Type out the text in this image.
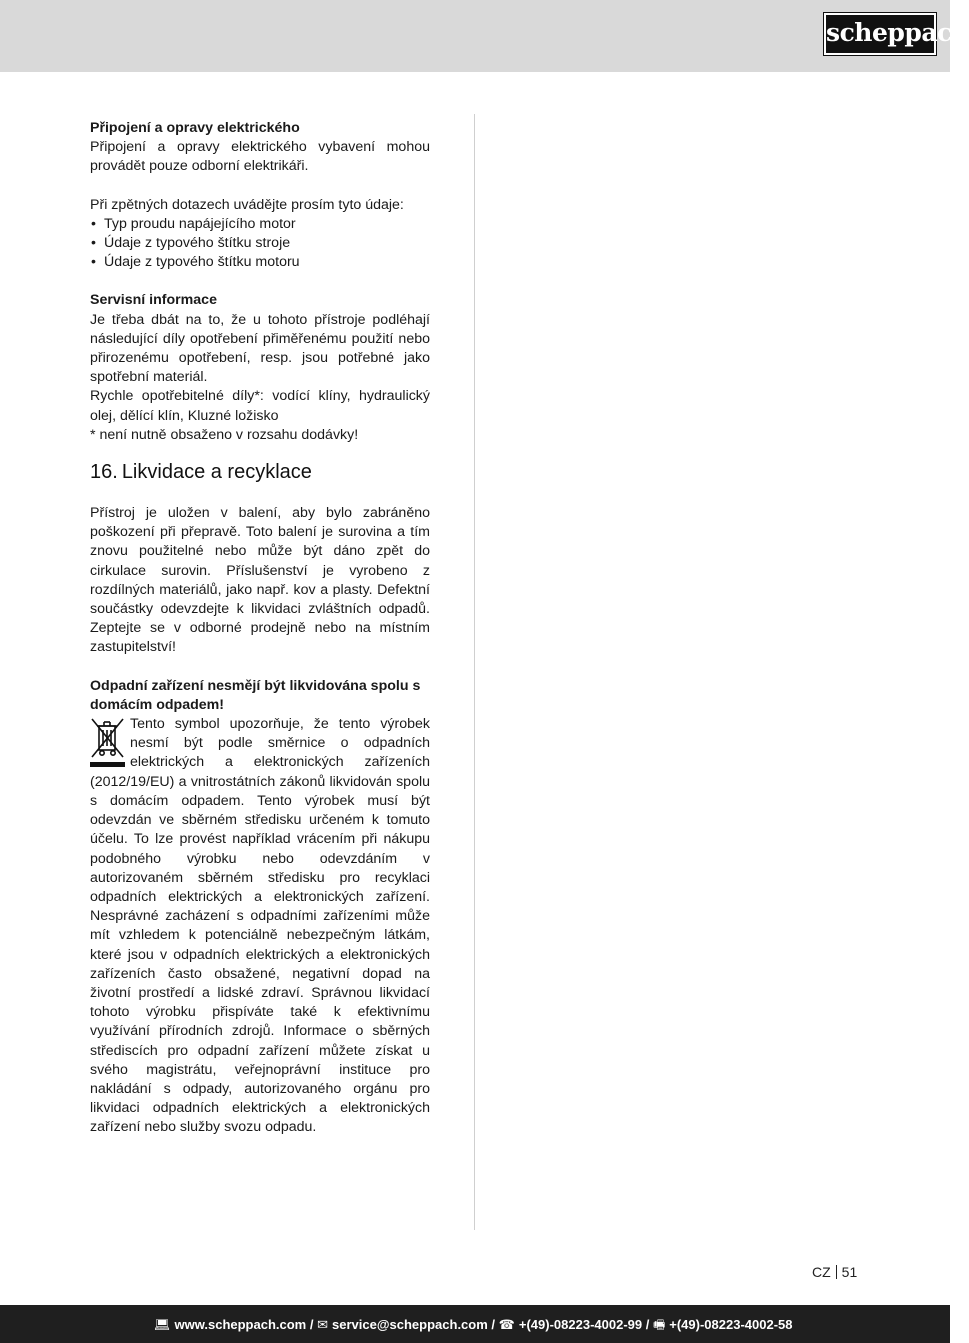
scheppach

Připojení a opravy elektrického

Připojení a opravy elektrického vybavení mohou provádět pouze odborní elektrikáři.

Při zpětných dotazech uvádějte prosím tyto údaje:

• Typ proudu napájejícího motor
• Údaje z typového štítku stroje
• Údaje z typového štítku motoru

Servisní informace

Je třeba dbát na to, že u tohoto přístroje podléhají následující díly opotřebení přiměřenému použití nebo přirozenému opotřebení, resp. jsou potřebné jako spotřební materiál.

Rychle opotřebitelné díly*: vodící klíny, hydraulický olej, dělící klín, Kluzné ložisko

* není nutně obsaženo v rozsahu dodávky!

16. Likvidace a recyklace

Přístroj je uložen v balení, aby bylo zabráněno poškození při přepravě. Toto balení je surovina a tím znovu použitelné nebo může být dáno zpět do cirkulace surovin. Příslušenství je vyrobeno z rozdílných materiálů, jako např. kov a plasty. Defektní součástky odevzdejte k likvidaci zvláštních odpadů. Zeptejte se v odborné prodejně nebo na místním zastupitelství!

Odpadní zařízení nesmějí být likvidována spolu s domácím odpadem!

Tento symbol upozorňuje, že tento výrobek nesmí být podle směrnice o odpadních elektrických a elektronických zařízeních (2012/19/EU) a vnitrostátních zákonů likvidován spolu s domácím odpadem. Tento výrobek musí být odevzdán ve sběrném středisku určeném k tomuto účelu. To lze provést například vrácením při nákupu podobného výrobku nebo odevzdáním v autorizovaném sběrném středisku pro recyklaci odpadních elektrických a elektronických zařízení. Nesprávné zacházení s odpadními zařízeními může mít vzhledem k potenciálně nebezpečným látkám, které jsou v odpadních elektrických a elektronických zařízeních často obsažené, negativní dopad na životní prostředí a lidské zdraví. Správnou likvidací tohoto výrobku přispíváte také k efektivnímu využívání přírodních zdrojů. Informace o sběrných střediscích pro odpadní zařízení můžete získat u svého magistrátu, veřejnoprávní instituce pro nakládání s odpady, autorizovaného orgánu pro likvidaci odpadních elektrických a elektronických zařízení nebo služby svozu odpadu.

CZ 51
💻︎ www.scheppach.com / ✉︎ service@scheppach.com / ☎︎ +(49)-08223-4002-99 / 🖷︎ +(49)-08223-4002-58
